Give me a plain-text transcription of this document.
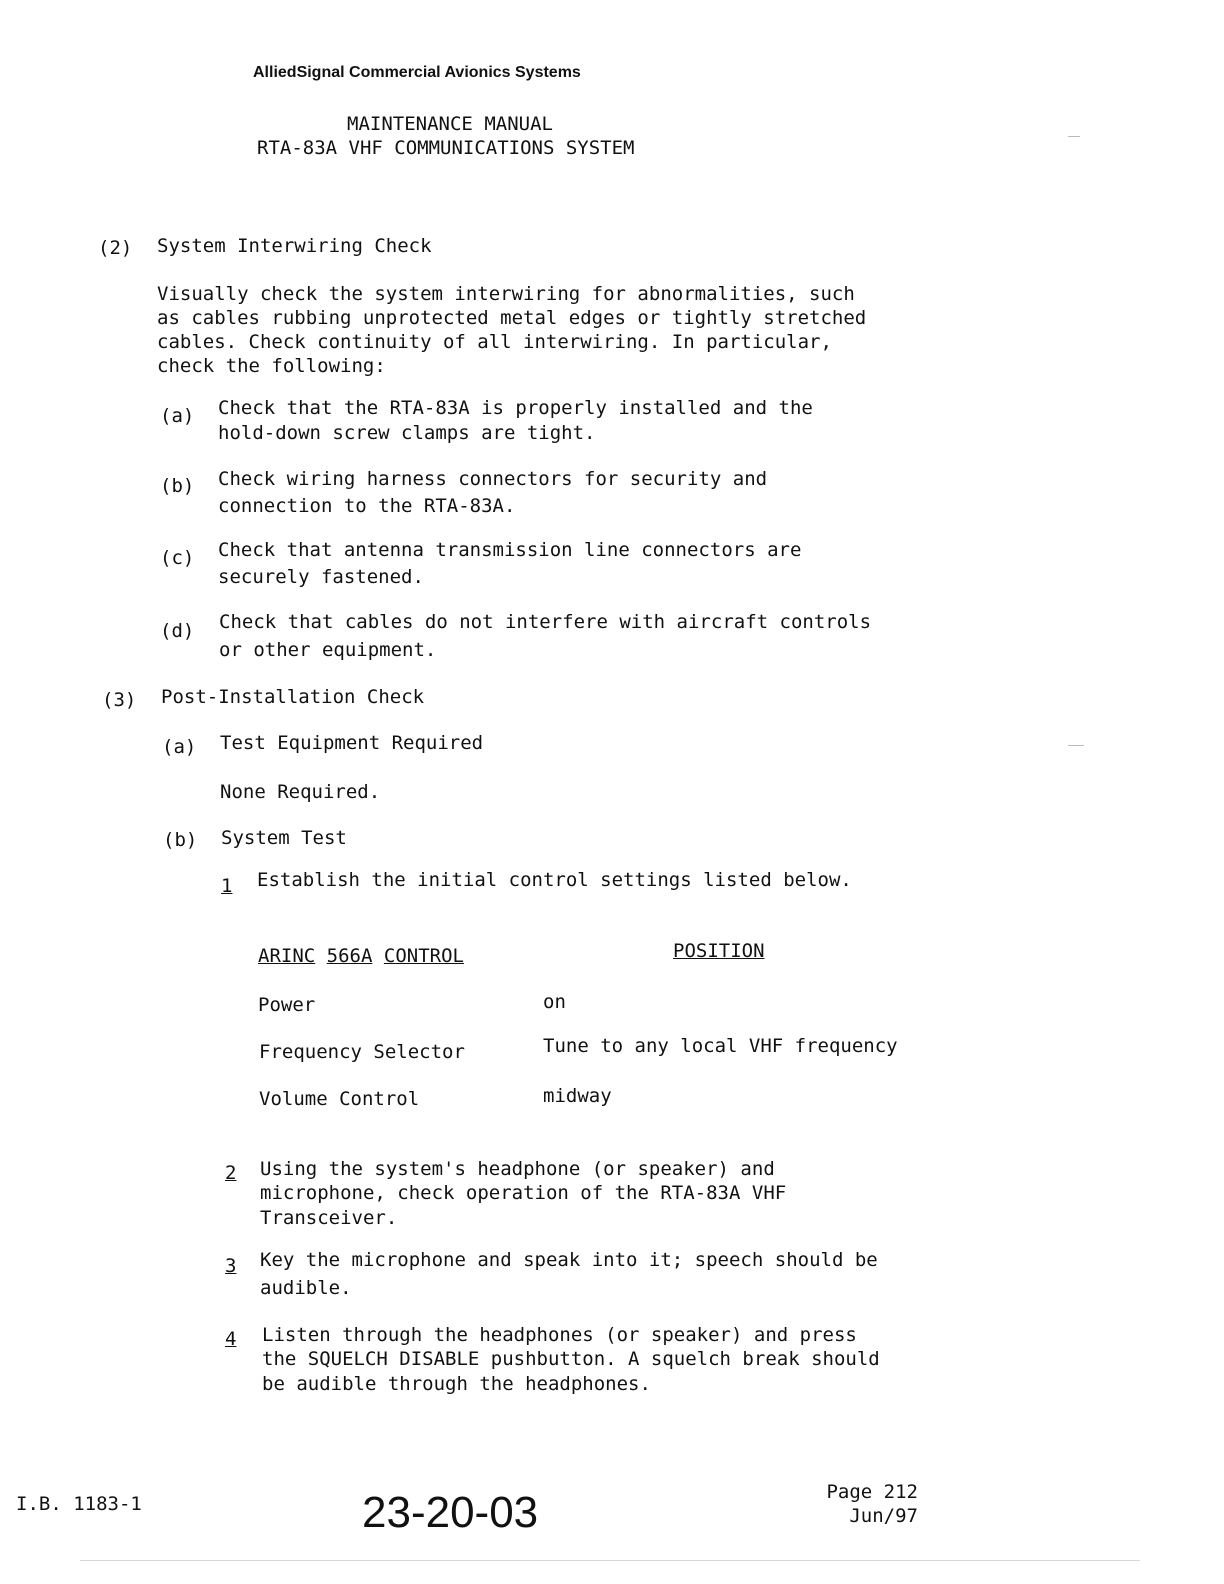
AlliedSignal Commercial Avionics Systems
MAINTENANCE MANUAL
RTA-83A VHF COMMUNICATIONS SYSTEM
(2) System Interwiring Check
Visually check the system interwiring for abnormalities, such
as cables rubbing unprotected metal edges or tightly stretched
cables. Check continuity of all interwiring. In particular,
check the following:
(a) Check that the RTA-83A is properly installed and the
hold-down screw clamps are tight.
(b) Check wiring harness connectors for security and
connection to the RTA-83A.
(c) Check that antenna transmission line connectors are
securely fastened.
(d) Check that cables do not interfere with aircraft controls
or other equipment.
(3) Post-Installation Check
(a) Test Equipment Required
None Required.
(b) System Test
1 Establish the initial control settings listed below.
ARINC 566A CONTROL	POSITION
Power	on
Frequency Selector	Tune to any local VHF frequency
Volume Control	midway
2 Using the system's headphone (or speaker) and
microphone, check operation of the RTA-83A VHF
Transceiver.
3 Key the microphone and speak into it; speech should be
audible.
4 Listen through the headphones (or speaker) and press
the SQUELCH DISABLE pushbutton. A squelch break should
be audible through the headphones.
I.B. 1183-1	23-20-03	Page 212
Jun/97
